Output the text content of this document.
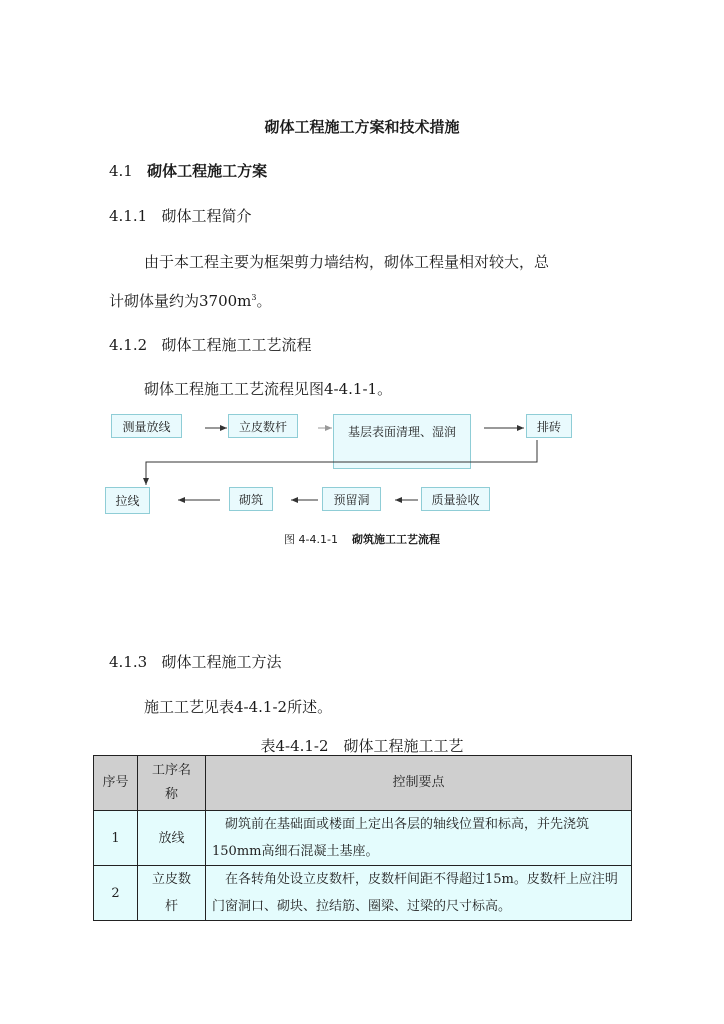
砌体工程施工方案和技术措施
4.1 砌体工程施工方案
4.1.1 砌体工程简介
由于本工程主要为框架剪力墙结构，砌体工程量相对较大，总
计砌体量约为$3700m^3$。
4.1.2 砌体工程施工工艺流程
砌体工程施工工艺流程见图4-4.1-1。
测量放线	立皮数杆	基层表面清理、湿润	排砖
质量验收
预留洞
砌筑
拉线
图 4-4.1-1 砌筑施工工艺流程
4.1.3 砌体工程施工方法
施工工艺见表4-4.1-2所述。
表4-4.1-2　砌体工程施工工艺
序号	工序名称	控制要点
1	放线	　砌筑前在基础面或楼面上定出各层的轴线位置和标高，并先浇筑150mm高细石混凝土基座。
2	立皮数杆	　在各转角处设立皮数杆，皮数杆间距不得超过15m。皮数杆上应注明门窗洞口、砌块、拉结筋、圈梁、过梁的尺寸标高。
